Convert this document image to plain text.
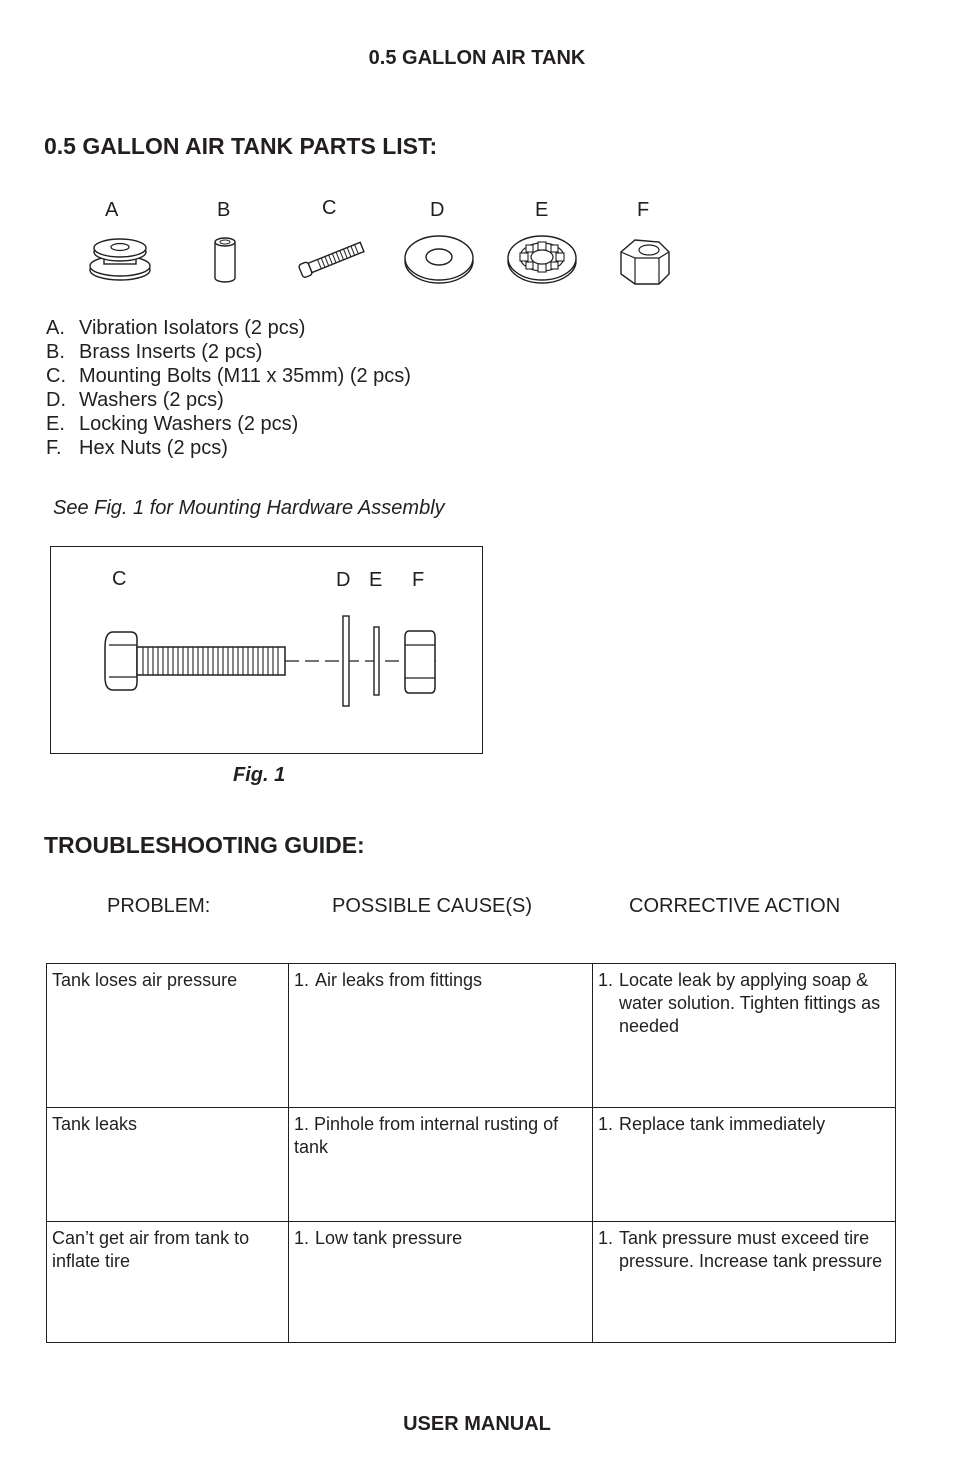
0.5 GALLON AIR TANK
0.5 GALLON AIR TANK PARTS LIST:
A	B	C	D	E	F
A. Vibration Isolators (2 pcs)
B. Brass Inserts (2 pcs)
C. Mounting Bolts (M11 x 35mm) (2 pcs)
D. Washers (2 pcs)
E. Locking Washers (2 pcs)
F. Hex Nuts (2 pcs)
See Fig. 1 for Mounting Hardware Assembly
C	D E F
Fig. 1
TROUBLESHOOTING GUIDE:
PROBLEM:	POSSIBLE CAUSE(S)	CORRECTIVE ACTION
Tank loses air pressure	1. Air leaks from fittings	1. Locate leak by applying soap & water solution. Tighten fittings as needed

Tank leaks	1. Pinhole from internal rusting of tank	1. Replace tank immediately

Can’t get air from tank to inflate tire	1. Low tank pressure	1. Tank pressure must exceed tire pressure. Increase tank pressure
USER MANUAL
